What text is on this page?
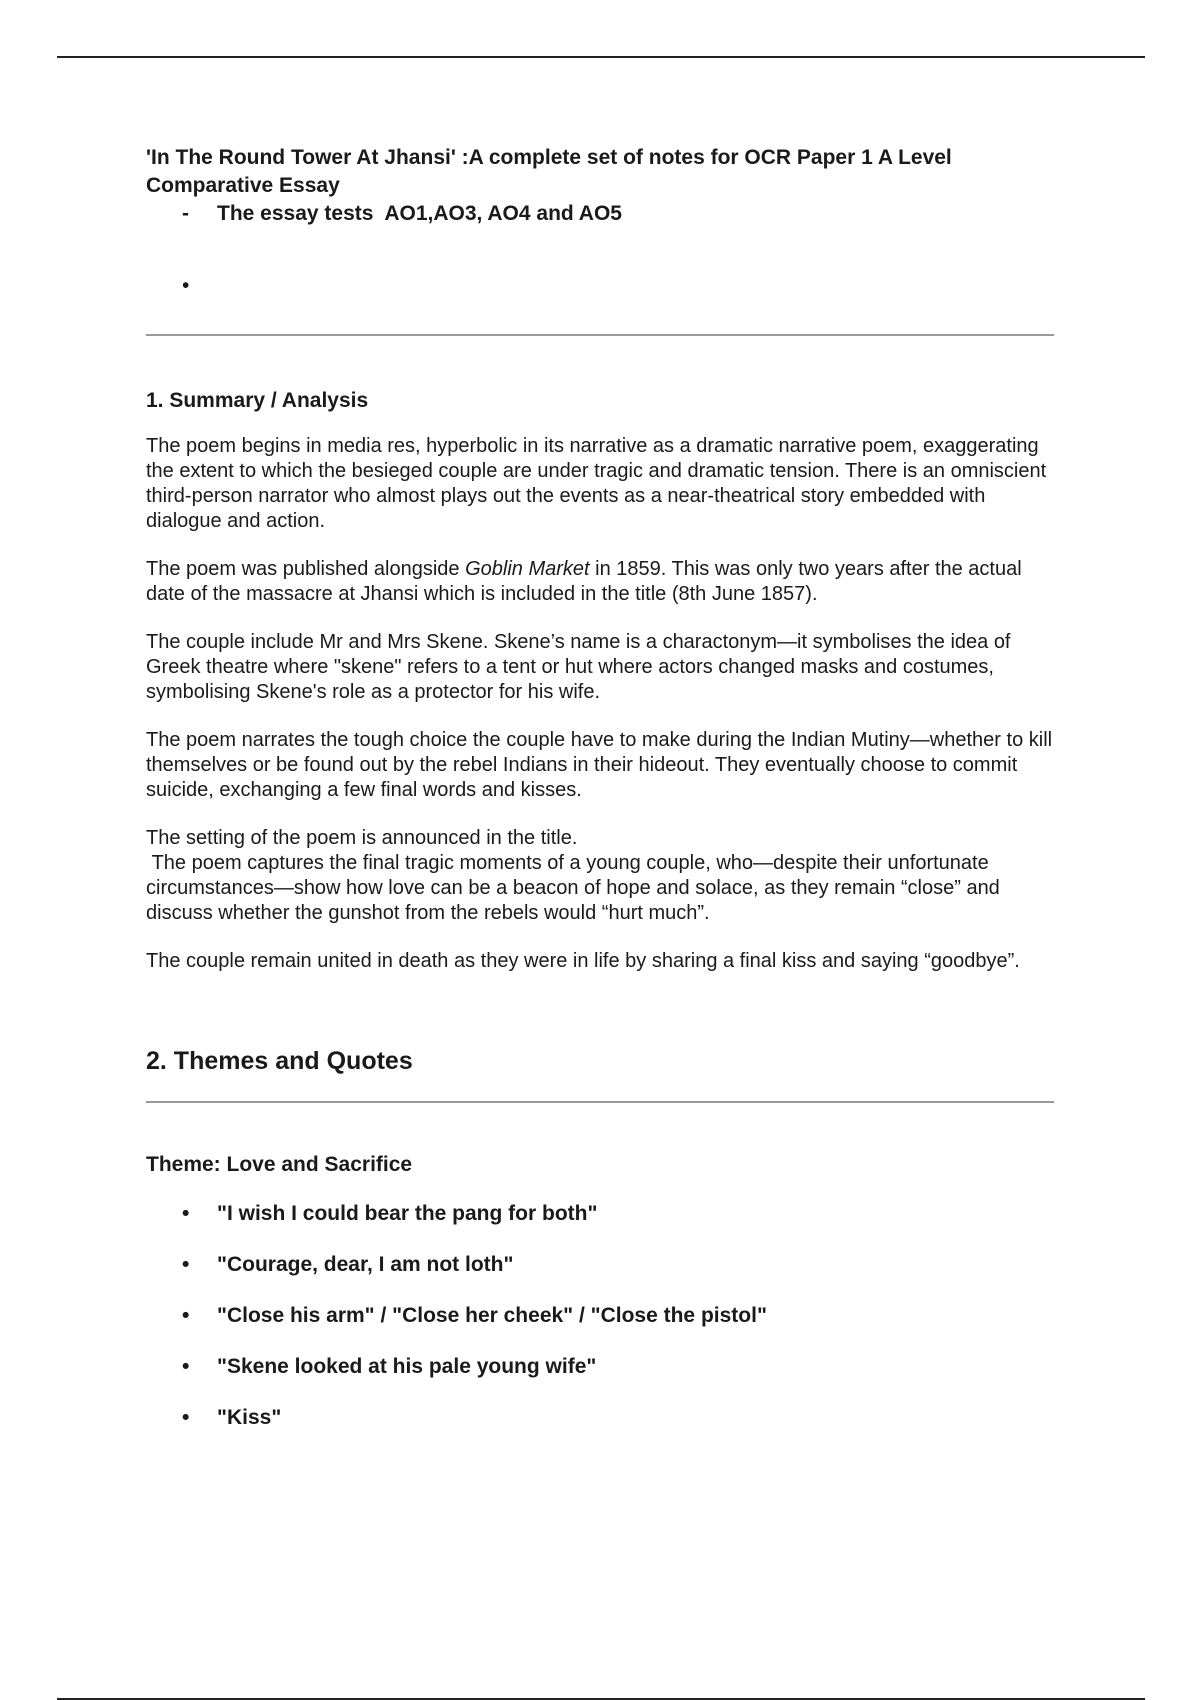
'In The Round Tower At Jhansi' :A complete set of notes for OCR Paper 1 A Level Comparative Essay

-	The essay tests  AO1,AO3, AO4 and AO5
•

1. Summary / Analysis

The poem begins in media res, hyperbolic in its narrative as a dramatic narrative poem, exaggerating the extent to which the besieged couple are under tragic and dramatic tension. There is an omniscient third-person narrator who almost plays out the events as a near-theatrical story embedded with dialogue and action.

The poem was published alongside Goblin Market in 1859. This was only two years after the actual date of the massacre at Jhansi which is included in the title (8th June 1857).

The couple include Mr and Mrs Skene. Skene’s name is a charactonym—it symbolises the idea of Greek theatre where "skene" refers to a tent or hut where actors changed masks and costumes, symbolising Skene's role as a protector for his wife.

The poem narrates the tough choice the couple have to make during the Indian Mutiny—whether to kill themselves or be found out by the rebel Indians in their hideout. They eventually choose to commit suicide, exchanging a few final words and kisses.

The setting of the poem is announced in the title.
The poem captures the final tragic moments of a young couple, who—despite their unfortunate circumstances—show how love can be a beacon of hope and solace, as they remain “close” and discuss whether the gunshot from the rebels would “hurt much”.

The couple remain united in death as they were in life by sharing a final kiss and saying “goodbye”.

2. Themes and Quotes

Theme: Love and Sacrifice

•	"I wish I could bear the pang for both"
•	"Courage, dear, I am not loth"
•	"Close his arm" / "Close her cheek" / "Close the pistol"
•	"Skene looked at his pale young wife"
•	"Kiss"
